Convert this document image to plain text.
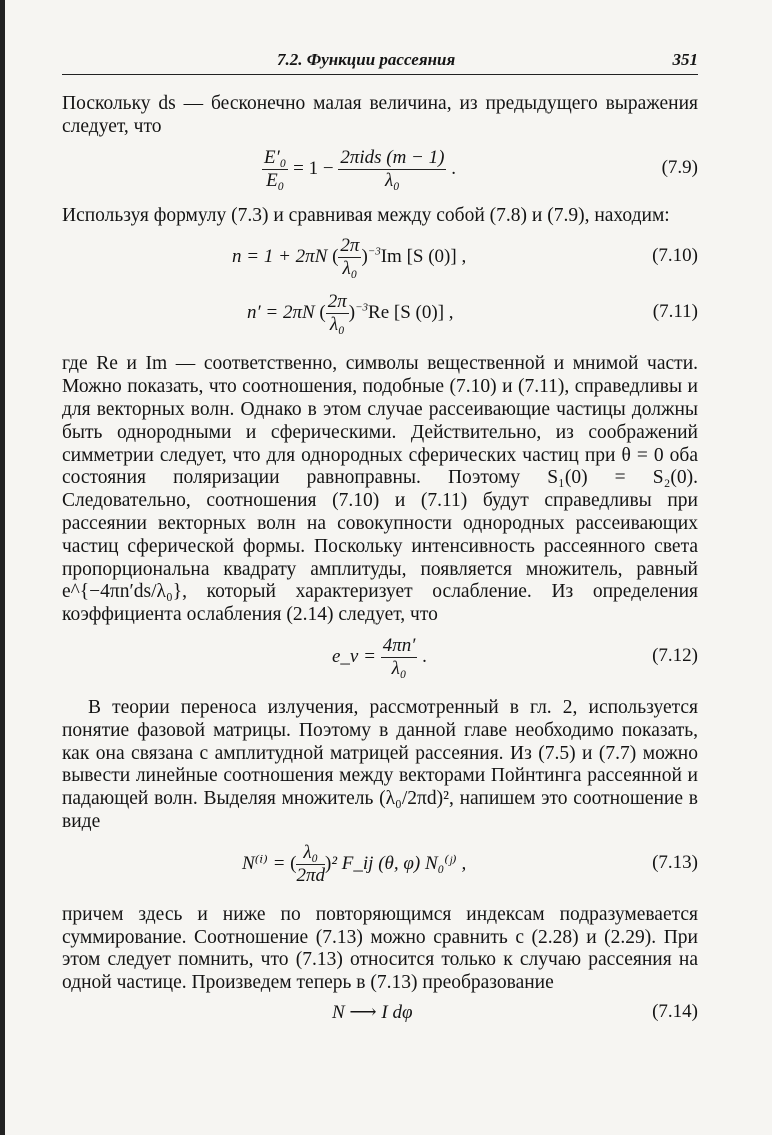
7.2. Функции рассеяния	351

Поскольку ds — бесконечно малая величина, из предыдущего выражения следует, что

$\frac{\text{E′₀}}{\text{E₀}} = 1 - \frac{\text{2πids (m − 1)}}{\text{λ₀}}$ .	(7.9)

Используя формулу (7.3) и сравнивая между собой (7.8) и (7.9), находим:

n = 1 + 2πN ( $\frac{2\pi}{\text{λ₀}} )^{-3}Im$ [S (0)] ,	(7.10)
n′ = 2πN ( $\frac{2\pi}{\text{λ₀}} )^{-3}Re$ [S (0)] ,	(7.11)

где Re и Im — соответственно, символы вещественной и мнимой части. Можно показать, что соотношения, подобные (7.10) и (7.11), справедливы и для векторных волн. Однако в этом случае рассеивающие частицы должны быть однородными и сферическими. Действительно, из соображений симметрии следует, что для однородных сферических частиц при θ = 0 оба состояния поляризации равноправны. Поэтому S₁(0) = S₂(0). Следовательно, соотношения (7.10) и (7.11) будут справедливы при рассеянии векторных волн на совокупности однородных рассеивающих частиц сферической формы. Поскольку интенсивность рассеянного света пропорциональна квадрату амплитуды, появляется множитель, равный e^{−4πn′ds/λ₀}, который характеризует ослабление. Из определения коэффициента ослабления (2.14) следует, что

e_v = $\frac{4\pi n'}{\text{λ₀}}$ .	(7.12)

В теории переноса излучения, рассмотренный в гл. 2, используется понятие фазовой матрицы. Поэтому в данной главе необходимо показать, как она связана с амплитудной матрицей рассеяния. Из (7.5) и (7.7) можно вывести линейные соотношения между векторами Пойнтинга рассеянной и падающей волн. Выделяя множитель (λ₀/2πd)², напишем это соотношение в виде

N⁽ⁱ⁾ = ( $\frac{\text{λ₀}}{2\pi d} )^2$ F_ij (θ, φ) N₀⁽ʲ⁾ ,	(7.13)

причем здесь и ниже по повторяющимся индексам подразумевается суммирование. Соотношение (7.13) можно сравнить с (2.28) и (2.29). При этом следует помнить, что (7.13) относится только к случаю рассеяния на одной частице. Произведем теперь в (7.13) преобразование

N ⟶ I dφ	(7.14)
